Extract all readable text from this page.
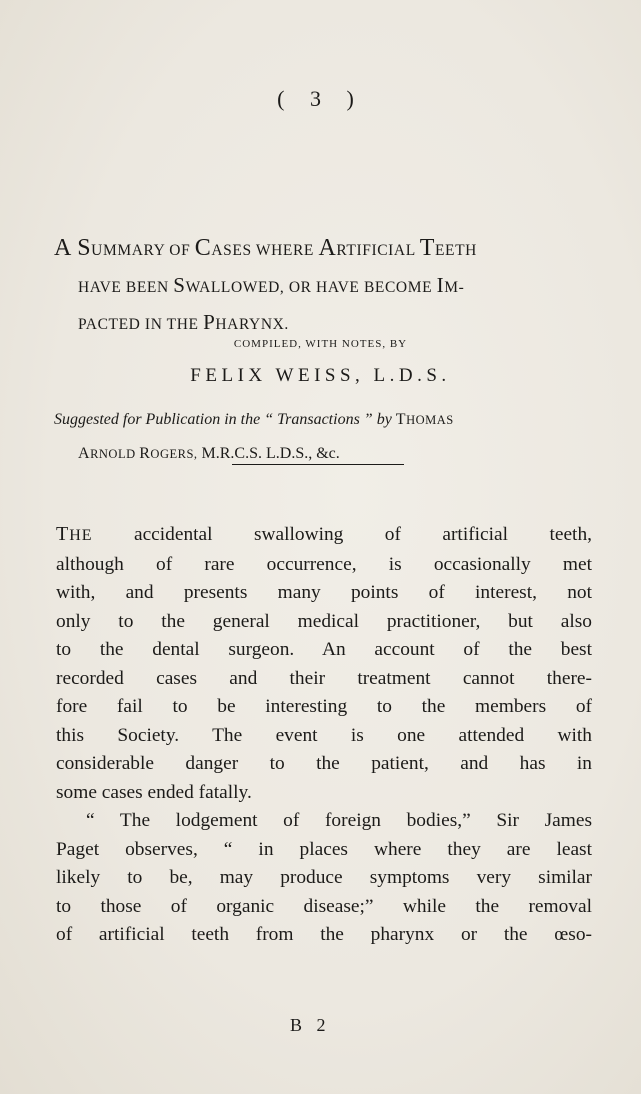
( 3 )
A SUMMARY OF CASES WHERE ARTIFICIAL TEETH
HAVE BEEN SWALLOWED, OR HAVE BECOME IM-
PACTED IN THE PHARYNX.
COMPILED, WITH NOTES, BY
FELIX WEISS, L.D.S.
Suggested for Publication in the “ Transactions ” by THOMAS
ARNOLD ROGERS, M.R.C.S. L.D.S., &c.
THE accidental swallowing of artificial teeth,
although of rare occurrence, is occasionally met
with, and presents many points of interest, not
only to the general medical practitioner, but also
to the dental surgeon. An account of the best
recorded cases and their treatment cannot there-
fore fail to be interesting to the members of
this Society. The event is one attended with
considerable danger to the patient, and has in
some cases ended fatally.
“ The lodgement of foreign bodies,” Sir James
Paget observes, “ in places where they are least
likely to be, may produce symptoms very similar
to those of organic disease;” while the removal
of artificial teeth from the pharynx or the œso-
B 2
